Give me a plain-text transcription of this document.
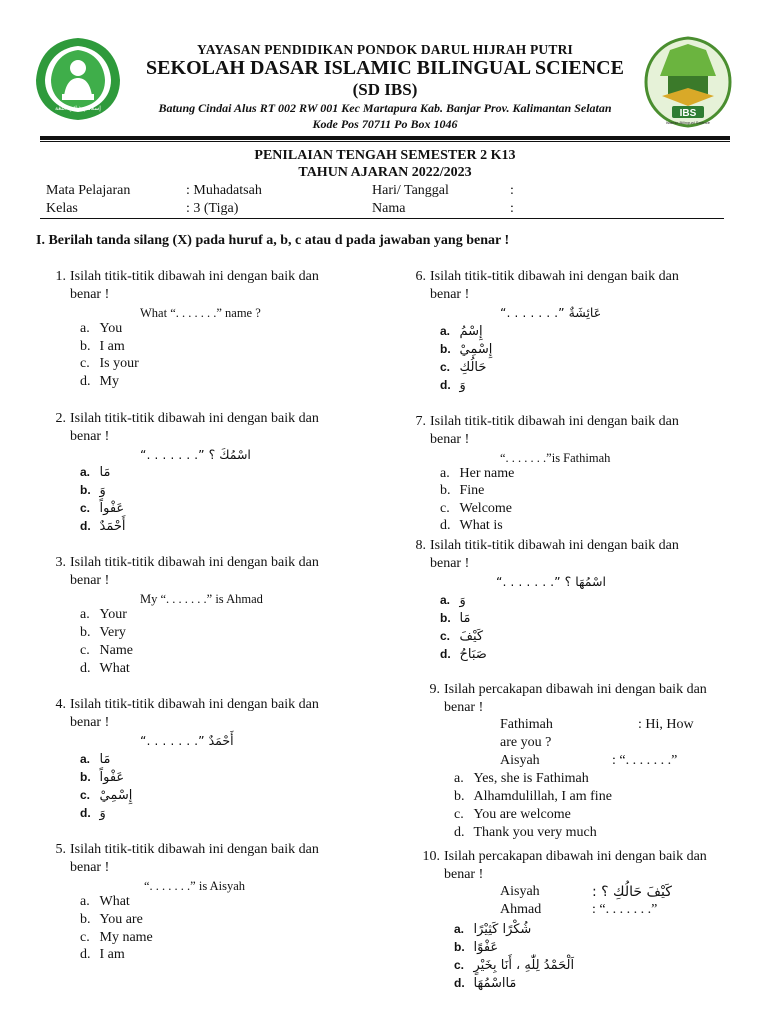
إسلامي ثنائي اللغة	IBS
Islamic Bilingual Science
YAYASAN PENDIDIKAN PONDOK DARUL HIJRAH PUTRI
SEKOLAH DASAR ISLAMIC BILINGUAL SCIENCE
(SD IBS)
Batung Cindai Alus RT 002 RW 001 Kec Martapura Kab. Banjar Prov. Kalimantan Selatan
Kode Pos 70711 Po Box 1046
PENILAIAN TENGAH SEMESTER 2 K13
TAHUN AJARAN 2022/2023
Mata Pelajaran	: Muhadatsah	Hari/ Tanggal	:
Kelas	: 3 (Tiga)	Nama	:
I. Berilah tanda silang (X) pada huruf a, b, c atau d pada jawaban yang benar !
1. Isilah titik-titik dibawah ini dengan baik dan benar !
What “. . . . . . .” name ?
a. You
b. I am
c. Is your
d. My
2. Isilah titik-titik dibawah ini dengan baik dan benar !
“. . . . . . .” اسْمُكَ ؟
a. مَا
b. وَ
c. عَفْواً
d. أَحْمَدٌ
3. Isilah titik-titik dibawah ini dengan baik dan benar !
My “. . . . . . .” is Ahmad
a. Your
b. Very
c. Name
d. What
4. Isilah titik-titik dibawah ini dengan baik dan benar !
“. . . . . . .” أَحْمَدٌ
a. مَا
b. عَفْواً
c. إِسْمِيْ
d. وَ
5. Isilah titik-titik dibawah ini dengan baik dan benar !
“. . . . . . .” is Aisyah
a. What
b. You are
c. My name
d. I am
6. Isilah titik-titik dibawah ini dengan baik dan benar !
“. . . . . . .” عَائِشَةٌ
a. إِسْمُ
b. إِسْمِيْ
c. حَالُكِ
d. وَ
7. Isilah titik-titik dibawah ini dengan baik dan benar !
“. . . . . . .”is Fathimah
a. Her name
b. Fine
c. Welcome
d. What is
8. Isilah titik-titik dibawah ini dengan baik dan benar !
“. . . . . . .” اسْمُهَا ؟
a. وَ
b. مَا
c. كَيْفَ
d. صَبَاحُ
9. Isilah percakapan dibawah ini dengan baik dan benar !
Fathimah	: Hi, How
are you ?
Aisyah	: “. . . . . . .”
a. Yes, she is Fathimah
b. Alhamdulillah, I am fine
c. You are welcome
d. Thank you very much
10. Isilah percakapan dibawah ini dengan baik dan benar !
Aisyah	: كَيْفَ حَالُكِ ؟
Ahmad	: “. . . . . . .”
a. شُكْرًا كَثِيْرًا
b. عَفْوًا
c. اَلْحَمْدُ لِلّٰهِ ، أَنَا بِخَيْرٍ
d. مَااسْمُهَا
